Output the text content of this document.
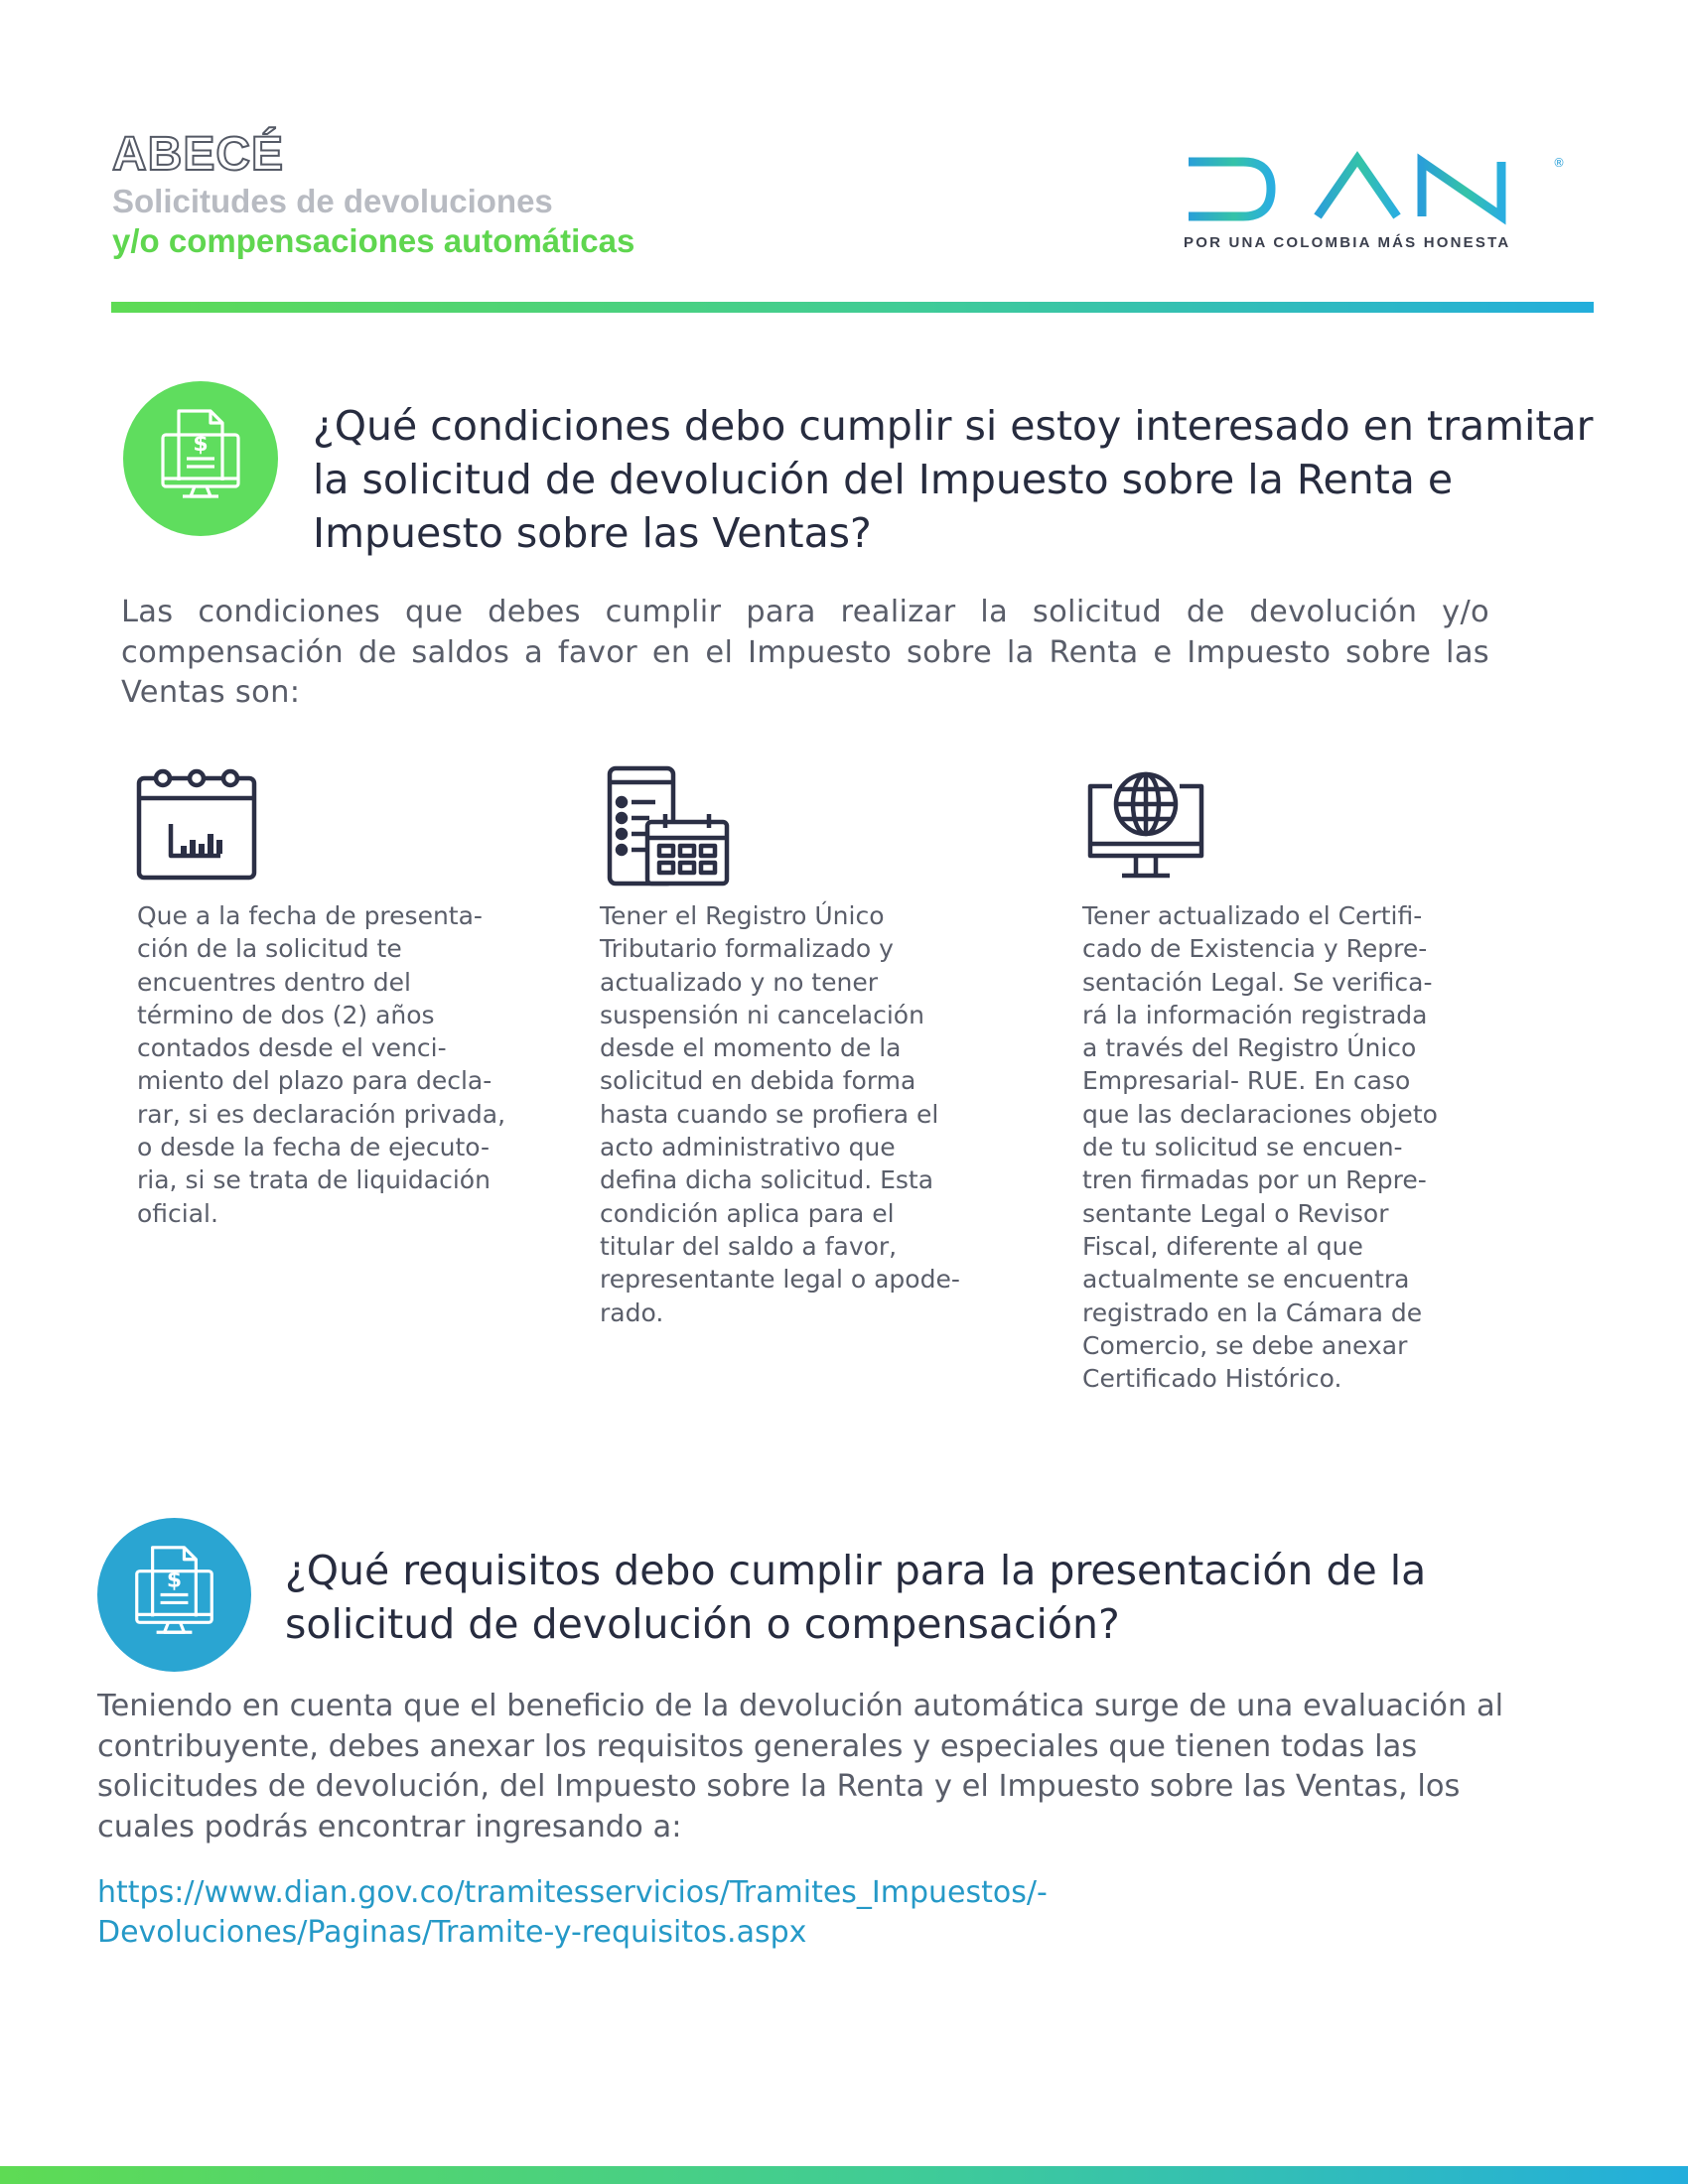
ABECÉ
Solicitudes de devoluciones
y/o compensaciones automáticas
®
POR UNA COLOMBIA MÁS HONESTA
$	¿Qué condiciones debo cumplir si estoy interesado en tramitar la solicitud de devolución del Impuesto sobre la Renta e Impuesto sobre las Ventas?

Las condiciones que debes cumplir para realizar la solicitud de devolución y/o compensación de saldos a favor en el Impuesto sobre la Renta e Impuesto sobre las Ventas son:

Que a la fecha de presenta-
ción de la solicitud te
encuentres dentro del
término de dos (2) años
contados desde el venci-
miento del plazo para decla-
rar, si es declaración privada,
o desde la fecha de ejecuto-
ria, si se trata de liquidación
oficial.

Tener el Registro Único
Tributario formalizado y
actualizado y no tener
suspensión ni cancelación
desde el momento de la
solicitud en debida forma
hasta cuando se profiera el
acto administrativo que
defina dicha solicitud. Esta
condición aplica para el
titular del saldo a favor,
representante legal o apode-
rado.

Tener actualizado el Certifi-
cado de Existencia y Repre-
sentación Legal. Se verifica-
rá la información registrada
a través del Registro Único
Empresarial- RUE. En caso
que las declaraciones objeto
de tu solicitud se encuen-
tren firmadas por un Repre-
sentante Legal o Revisor
Fiscal, diferente al que
actualmente se encuentra
registrado en la Cámara de
Comercio, se debe anexar
Certificado Histórico.

$	¿Qué requisitos debo cumplir para la presentación de la solicitud de devolución o compensación?

Teniendo en cuenta que el beneficio de la devolución automática surge de una evaluación al contribuyente, debes anexar los requisitos generales y especiales que tienen todas las solicitudes de devolución, del Impuesto sobre la Renta y el Impuesto sobre las Ventas, los cuales podrás encontrar ingresando a:

https://www.dian.gov.co/tramitesservicios/Tramites_Impuestos/-
Devoluciones/Paginas/Tramite-y-requisitos.aspx
